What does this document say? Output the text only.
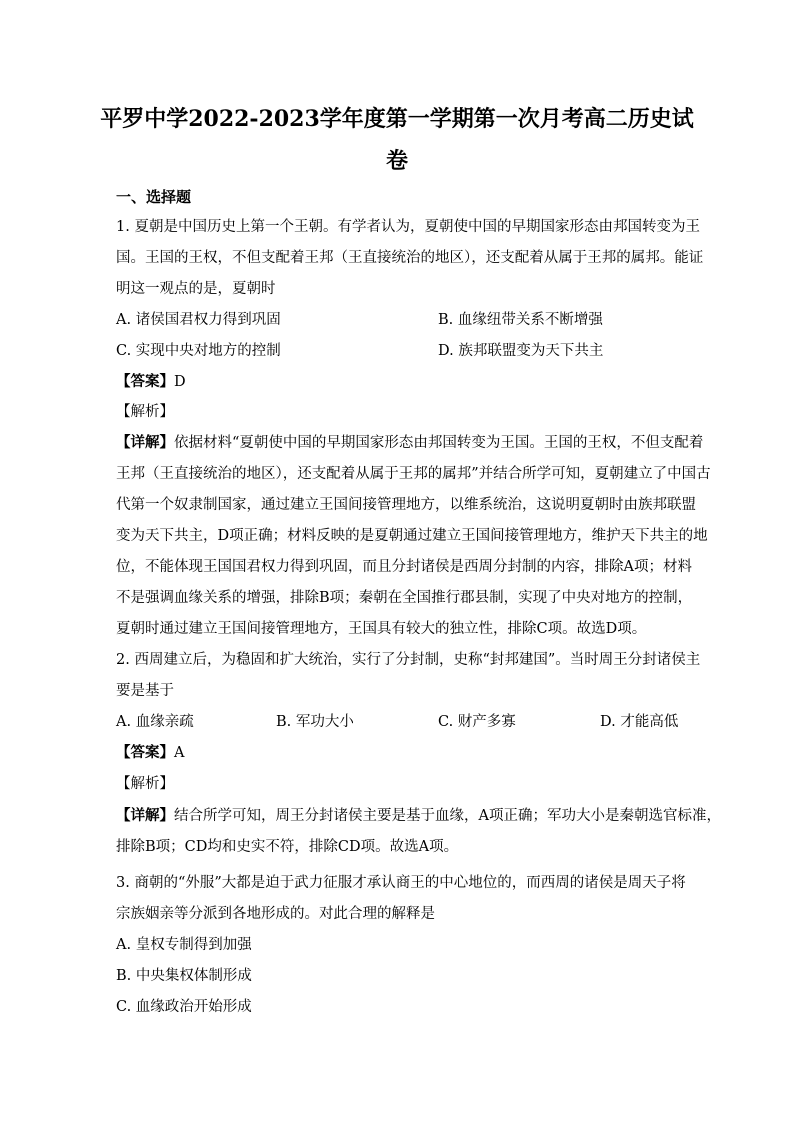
平罗中学2022-2023学年度第一学期第一次月考高二历史试
卷
一、选择题
1. 夏朝是中国历史上第一个王朝。有学者认为，夏朝使中国的早期国家形态由邦国转变为王
国。王国的王权，不但支配着王邦（王直接统治的地区），还支配着从属于王邦的属邦。能证
明这一观点的是，夏朝时
A. 诸侯国君权力得到巩固	B. 血缘纽带关系不断增强
C. 实现中央对地方的控制	D. 族邦联盟变为天下共主
【答案】D
【解析】
【详解】依据材料“夏朝使中国的早期国家形态由邦国转变为王国。王国的王权，不但支配着
王邦（王直接统治的地区），还支配着从属于王邦的属邦”并结合所学可知，夏朝建立了中国古
代第一个奴隶制国家，通过建立王国间接管理地方，以维系统治，这说明夏朝时由族邦联盟
变为天下共主，D项正确；材料反映的是夏朝通过建立王国间接管理地方，维护天下共主的地
位，不能体现王国国君权力得到巩固，而且分封诸侯是西周分封制的内容，排除A项；材料
不是强调血缘关系的增强，排除B项；秦朝在全国推行郡县制，实现了中央对地方的控制，
夏朝时通过建立王国间接管理地方，王国具有较大的独立性，排除C项。故选D项。
2. 西周建立后，为稳固和扩大统治，实行了分封制，史称“封邦建国”。当时周王分封诸侯主
要是基于
A. 血缘亲疏	B. 军功大小	C. 财产多寡	D. 才能高低
【答案】A
【解析】
【详解】结合所学可知，周王分封诸侯主要是基于血缘，A项正确；军功大小是秦朝选官标准，
排除B项；CD均和史实不符，排除CD项。故选A项。
3. 商朝的“外服”大都是迫于武力征服才承认商王的中心地位的，而西周的诸侯是周天子将
宗族姻亲等分派到各地形成的。对此合理的解释是
A. 皇权专制得到加强
B. 中央集权体制形成
C. 血缘政治开始形成
